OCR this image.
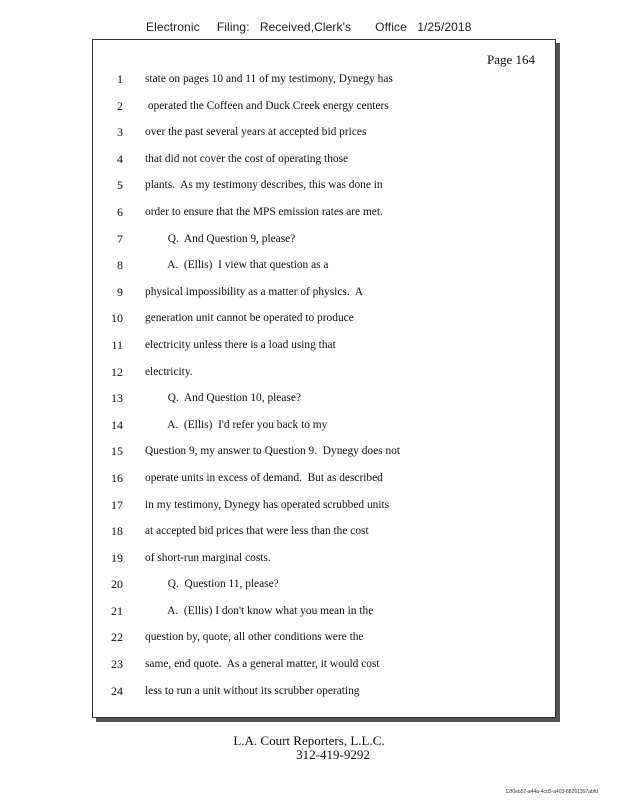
Electronic     Filing:   Received,Clerk's       Office   1/25/2018
Page 164
1 state on pages 10 and 11 of my testimony, Dynegy has
2 operated the Coffeen and Duck Creek energy centers
3 over the past several years at accepted bid prices
4 that did not cover the cost of operating those
5 plants.  As my testimony describes, this was done in
6 order to ensure that the MPS emission rates are met.
7 Q.  And Question 9, please?
8 A.  (Ellis)  I view that question as a
9 physical impossibility as a matter of physics.  A
10 generation unit cannot be operated to produce
11 electricity unless there is a load using that
12 electricity.
13 Q.  And Question 10, please?
14 A.  (Ellis)  I'd refer you back to my
15 Question 9, my answer to Question 9.  Dynegy does not
16 operate units in excess of demand.  But as described
17 in my testimony, Dynegy has operated scrubbed units
18 at accepted bid prices that were less than the cost
19 of short-run marginal costs.
20 Q.  Question 11, please?
21 A.  (Ellis) I don't know what you mean in the
22 question by, quote, all other conditions were the
23 same, end quote.  As a general matter, it would cost
24 less to run a unit without its scrubber operating
L.A. Court Reporters, L.L.C.
312-419-9292
12f0eb57-a44a-4cd5-a403-88261397abfd
